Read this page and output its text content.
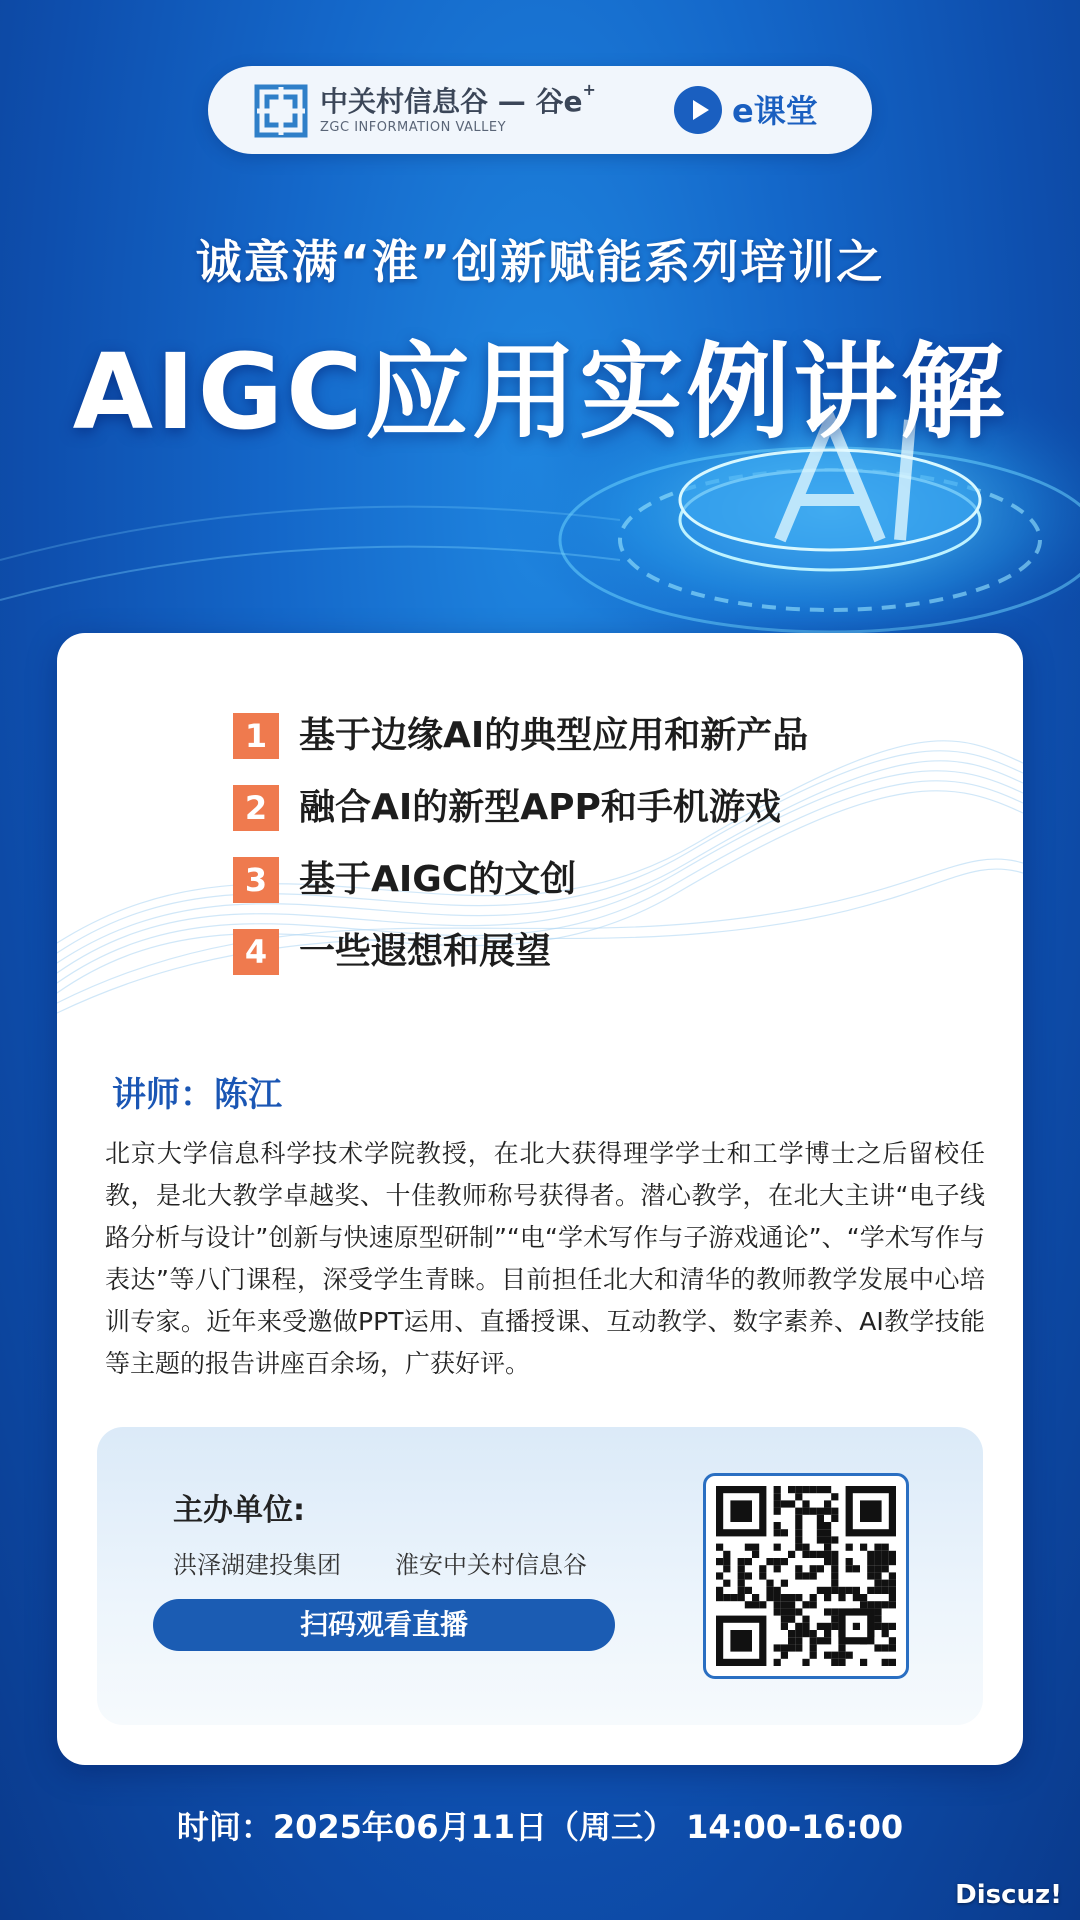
中关村信息谷 — 谷e+
ZGC INFORMATION VALLEY	e课堂
诚意满“淮”创新赋能系列培训之
AIGC应用实例讲解
1 基于边缘AI的典型应用和新产品
2 融合AI的新型APP和手机游戏
3 基于AIGC的文创
4 一些遐想和展望
讲师：陈江
北京大学信息科学技术学院教授，在北大获得理学学士和工学博士之后留校任教，是北大教学卓越奖、十佳教师称号获得者。潜心教学，在北大主讲“电子线路分析与设计”创新与快速原型研制”“电“学术写作与子游戏通论”、“学术写作与表达”等八门课程，深受学生青睐。目前担任北大和清华的教师教学发展中心培训专家。近年来受邀做PPT运用、直播授课、互动教学、数字素养、AI教学技能等主题的报告讲座百余场，广获好评。
主办单位:
洪泽湖建投集团 淮安中关村信息谷
扫码观看直播
时间：2025年06月11日（周三） 14:00-16:00
Discuz!
